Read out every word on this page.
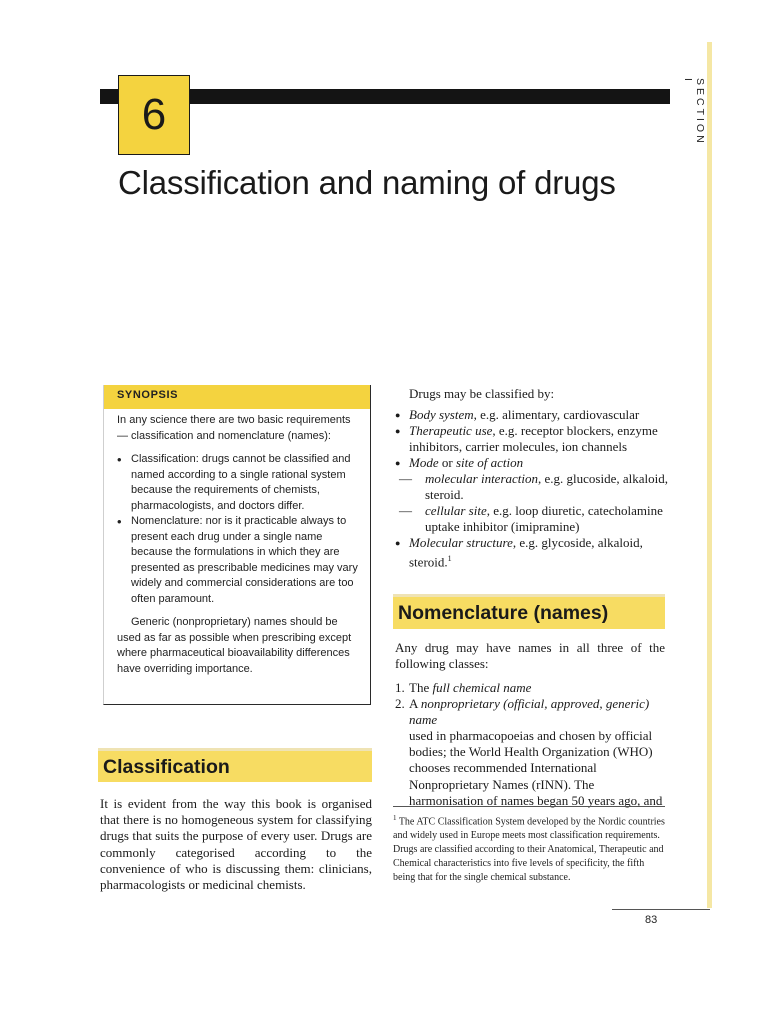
6	SECTION I
Classification and naming of drugs
SYNOPSIS

In any science there are two basic requirements — classification and nomenclature (names):

• Classification: drugs cannot be classified and named according to a single rational system because the requirements of chemists, pharmacologists, and doctors differ.
• Nomenclature: nor is it practicable always to present each drug under a single name because the formulations in which they are presented as prescribable medicines may vary widely and commercial considerations are too often paramount.

Generic (nonproprietary) names should be used as far as possible when prescribing except where pharmaceutical bioavailability differences have overriding importance.

Classification
It is evident from the way this book is organised that there is no homogeneous system for classifying drugs that suits the purpose of every user. Drugs are commonly categorised according to the convenience of who is discussing them: clinicians, pharmacologists or medicinal chemists.
Drugs may be classified by:
● Body system, e.g. alimentary, cardiovascular
● Therapeutic use, e.g. receptor blockers, enzyme
inhibitors, carrier molecules, ion channels
● Mode or site of action
— molecular interaction, e.g. glucoside, alkaloid,
steroid.
— cellular site, e.g. loop diuretic, catecholamine
uptake inhibitor (imipramine)
● Molecular structure, e.g. glycoside, alkaloid,
steroid.$^1$
Nomenclature (names)
Any drug may have names in all three of the following classes:
1. The full chemical name
2. A nonproprietary (official, approved, generic) name
used in pharmacopoeias and chosen by official bodies; the World Health Organization (WHO) chooses recommended International Nonproprietary Names (rINN). The harmonisation of names began 50 years ago, and
$^1$ The ATC Classification System developed by the Nordic countries and widely used in Europe meets most classification requirements. Drugs are classified according to their Anatomical, Therapeutic and Chemical characteristics into five levels of specificity, the fifth being that for the single chemical substance.
83
